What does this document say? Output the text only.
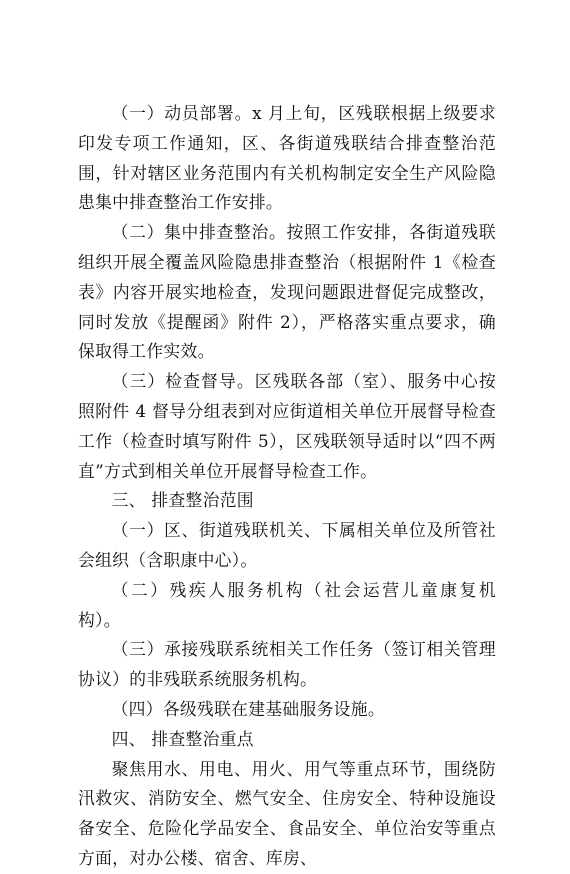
（一）动员部署。x 月上旬，区残联根据上级要求印发专项工作通知，区、各街道残联结合排查整治范围，针对辖区业务范围内有关机构制定安全生产风险隐患集中排查整治工作安排。

（二）集中排查整治。按照工作安排，各街道残联组织开展全覆盖风险隐患排查整治（根据附件 1《检查表》内容开展实地检查，发现问题跟进督促完成整改，同时发放《提醒函》附件 2），严格落实重点要求，确保取得工作实效。

（三）检查督导。区残联各部（室）、服务中心按照附件 4 督导分组表到对应街道相关单位开展督导检查工作（检查时填写附件 5），区残联领导适时以“四不两直”方式到相关单位开展督导检查工作。

三、 排查整治范围

（一）区、街道残联机关、下属相关单位及所管社会组织（含职康中心）。

（二）残疾人服务机构（社会运营儿童康复机构）。

（三）承接残联系统相关工作任务（签订相关管理协议）的非残联系统服务机构。

（四）各级残联在建基础服务设施。

四、 排查整治重点

聚焦用水、用电、用火、用气等重点环节，围绕防汛救灾、消防安全、燃气安全、住房安全、特种设施设备安全、危险化学品安全、食品安全、单位治安等重点方面，对办公楼、宿舍、库房、
